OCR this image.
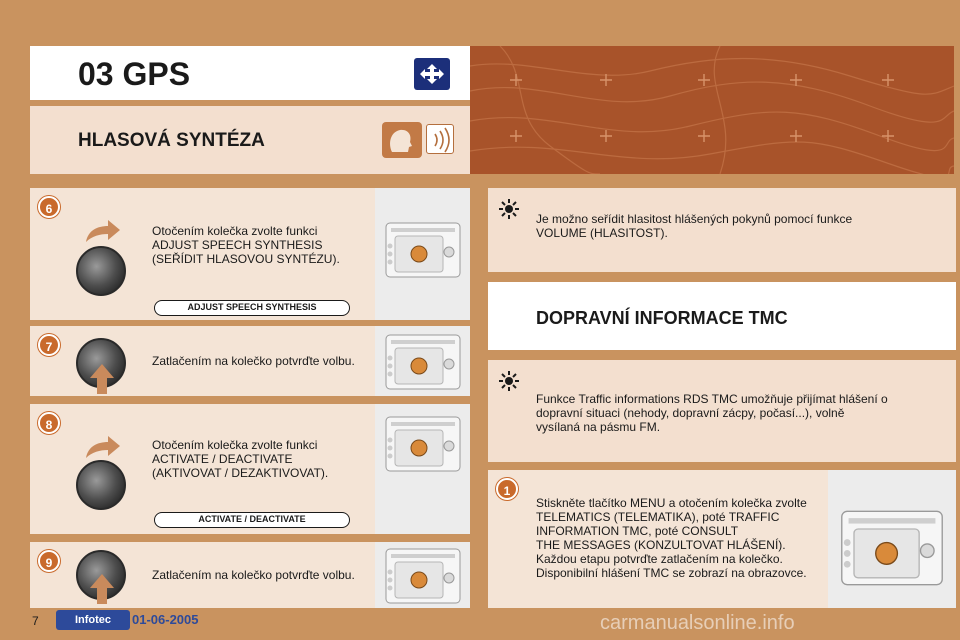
03 GPS
HLASOVÁ SYNTÉZA
6
Otočením kolečka zvolte funkci
ADJUST SPEECH SYNTHESIS
(SEŘÍDIT HLASOVOU SYNTÉZU).
ADJUST SPEECH SYNTHESIS
7
Zatlačením na kolečko potvrďte volbu.
8
Otočením kolečka zvolte funkci
ACTIVATE / DEACTIVATE
(AKTIVOVAT / DEZAKTIVOVAT).
ACTIVATE / DEACTIVATE
9
Zatlačením na kolečko potvrďte volbu.
Je možno seřídit hlasitost hlášených pokynů pomocí funkce
VOLUME (HLASITOST).
DOPRAVNÍ INFORMACE TMC
Funkce Traffic informations RDS TMC umožňuje přijímat hlášení o
dopravní situaci (nehody, dopravní zácpy, počasí...), volně
vysílaná na pásmu FM.
1
Stiskněte tlačítko MENU a otočením kolečka zvolte
TELEMATICS (TELEMATIKA), poté TRAFFIC
INFORMATION TMC, poté CONSULT
THE MESSAGES (KONZULTOVAT HLÁŠENÍ).
Každou etapu potvrďte zatlačením na kolečko.
Disponibilní hlášení TMC se zobrazí na obrazovce.
7	Infotec	01-06-2005	carmanualsonline.info
